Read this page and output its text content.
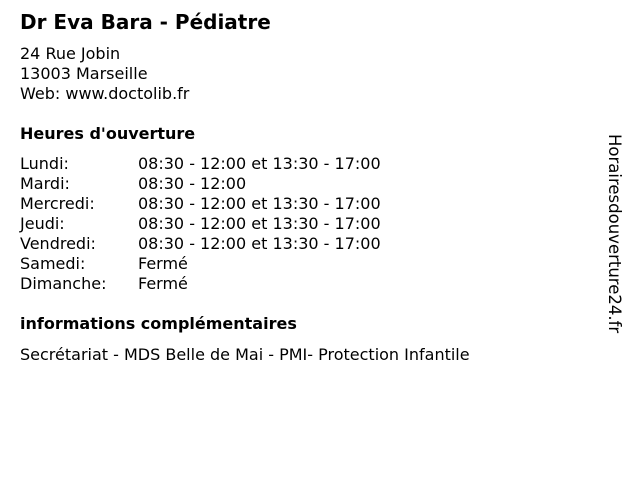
Dr Eva Bara - Pédiatre
24 Rue Jobin
13003 Marseille
Web: www.doctolib.fr
Heures d'ouverture
Lundi:	08:30 - 12:00 et 13:30 - 17:00
Mardi:	08:30 - 12:00
Mercredi:	08:30 - 12:00 et 13:30 - 17:00
Jeudi:	08:30 - 12:00 et 13:30 - 17:00
Vendredi:	08:30 - 12:00 et 13:30 - 17:00
Samedi:	Fermé
Dimanche:	Fermé
informations complémentaires
Secrétariat - MDS Belle de Mai - PMI- Protection Infantile
Horairesdouverture24.fr
